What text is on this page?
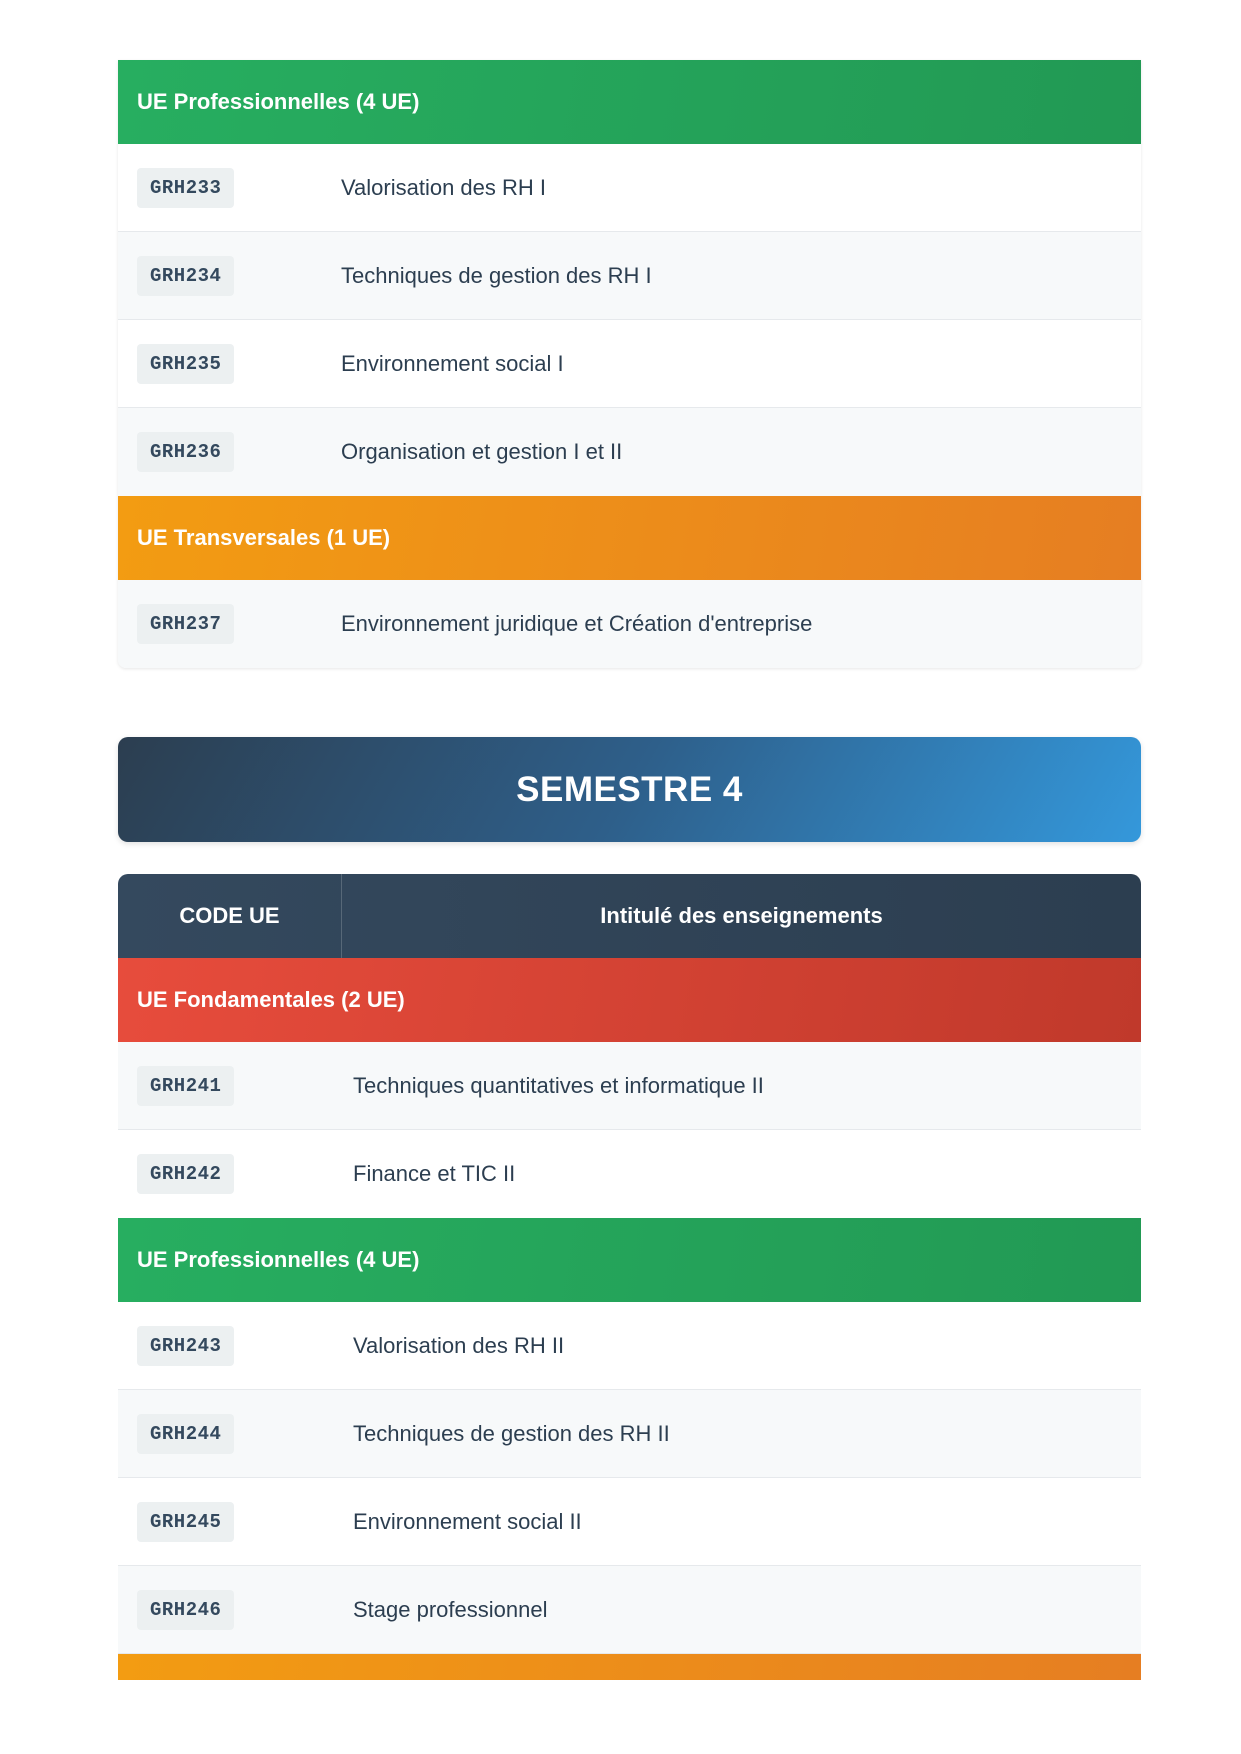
UE Professionnelles (4 UE)
GRH233	Valorisation des RH I
GRH234	Techniques de gestion des RH I
GRH235	Environnement social I
GRH236	Organisation et gestion I et II
UE Transversales (1 UE)
GRH237	Environnement juridique et Création d'entreprise
SEMESTRE 4
CODE UE	Intitulé des enseignements
UE Fondamentales (2 UE)
GRH241	Techniques quantitatives et informatique II
GRH242	Finance et TIC II
UE Professionnelles (4 UE)
GRH243	Valorisation des RH II
GRH244	Techniques de gestion des RH II
GRH245	Environnement social II
GRH246	Stage professionnel
